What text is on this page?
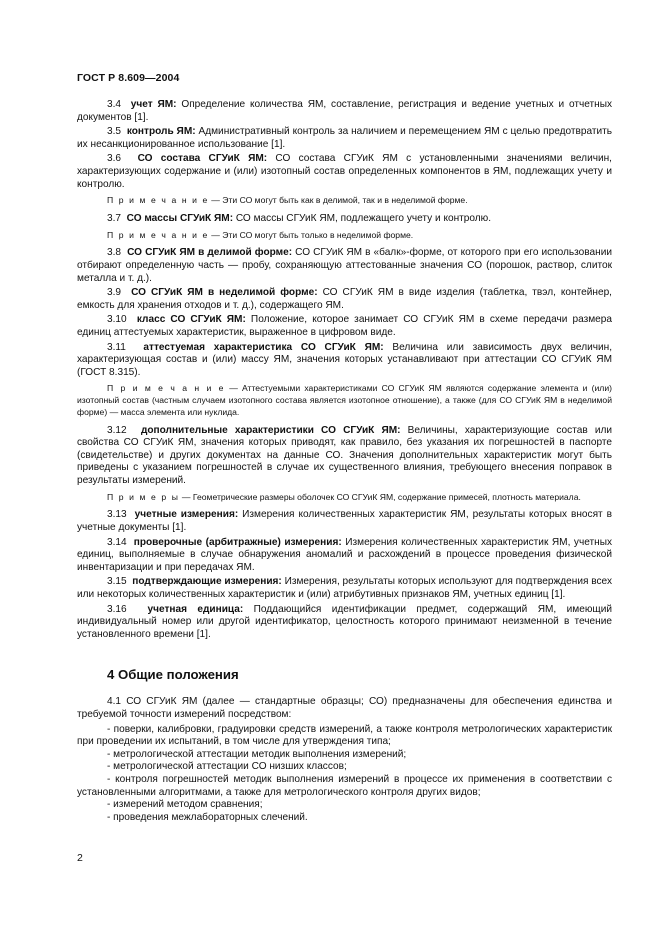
ГОСТ Р 8.609—2004

3.4 учет ЯМ: Определение количества ЯМ, составление, регистрация и ведение учетных и отчетных документов [1].

3.5 контроль ЯМ: Административный контроль за наличием и перемещением ЯМ с целью предотвратить их несанкционированное использование [1].

3.6 СО состава СГУиК ЯМ: СО состава СГУиК ЯМ с установленными значениями величин, характеризующих содержание и (или) изотопный состав определенных компонентов в ЯМ, подлежащих учету и контролю.

П р и м е ч а н и е — Эти СО могут быть как в делимой, так и в неделимой форме.

3.7 СО массы СГУиК ЯМ: СО массы СГУиК ЯМ, подлежащего учету и контролю.

П р и м е ч а н и е — Эти СО могут быть только в неделимой форме.

3.8 СО СГУиК ЯМ в делимой форме: СО СГУиК ЯМ в «балк»-форме, от которого при его использовании отбирают определенную часть — пробу, сохраняющую аттестованные значения СО (порошок, раствор, слиток металла и т. д.).

3.9 СО СГУиК ЯМ в неделимой форме: СО СГУиК ЯМ в виде изделия (таблетка, твэл, контейнер, емкость для хранения отходов и т. д.), содержащего ЯМ.

3.10 класс СО СГУиК ЯМ: Положение, которое занимает СО СГУиК ЯМ в схеме передачи размера единиц аттестуемых характеристик, выраженное в цифровом виде.

3.11 аттестуемая характеристика СО СГУиК ЯМ: Величина или зависимость двух величин, характеризующая состав и (или) массу ЯМ, значения которых устанавливают при аттестации СО СГУиК ЯМ (ГОСТ 8.315).

П р и м е ч а н и е — Аттестуемыми характеристиками СО СГУиК ЯМ являются содержание элемента и (или) изотопный состав (частным случаем изотопного состава является изотопное отношение), а также (для СО СГУиК ЯМ в неделимой форме) — масса элемента или нуклида.

3.12 дополнительные характеристики СО СГУиК ЯМ: Величины, характеризующие состав или свойства СО СГУиК ЯМ, значения которых приводят, как правило, без указания их погрешностей в паспорте (свидетельстве) и других документах на данные СО. Значения дополнительных характеристик могут быть приведены с указанием погрешностей в случае их существенного влияния, требующего внесения поправок в результаты измерений.

П р и м е р ы — Геометрические размеры оболочек СО СГУиК ЯМ, содержание примесей, плотность материала.

3.13 учетные измерения: Измерения количественных характеристик ЯМ, результаты которых вносят в учетные документы [1].

3.14 проверочные (арбитражные) измерения: Измерения количественных характеристик ЯМ, учетных единиц, выполняемые в случае обнаружения аномалий и расхождений в процессе проведения физической инвентаризации и при передачах ЯМ.

3.15 подтверждающие измерения: Измерения, результаты которых используют для подтверждения всех или некоторых количественных характеристик и (или) атрибутивных признаков ЯМ, учетных единиц [1].

3.16 учетная единица: Поддающийся идентификации предмет, содержащий ЯМ, имеющий индивидуальный номер или другой идентификатор, целостность которого принимают неизменной в течение установленного времени [1].

4 Общие положения

4.1 СО СГУиК ЯМ (далее — стандартные образцы; СО) предназначены для обеспечения единства и требуемой точности измерений посредством:

- поверки, калибровки, градуировки средств измерений, а также контроля метрологических характеристик при проведении их испытаний, в том числе для утверждения типа;

- метрологической аттестации методик выполнения измерений;

- метрологической аттестации СО низших классов;

- контроля погрешностей методик выполнения измерений в процессе их применения в соответствии с установленными алгоритмами, а также для метрологического контроля других видов;

- измерений методом сравнения;

- проведения межлабораторных слечений.

2
